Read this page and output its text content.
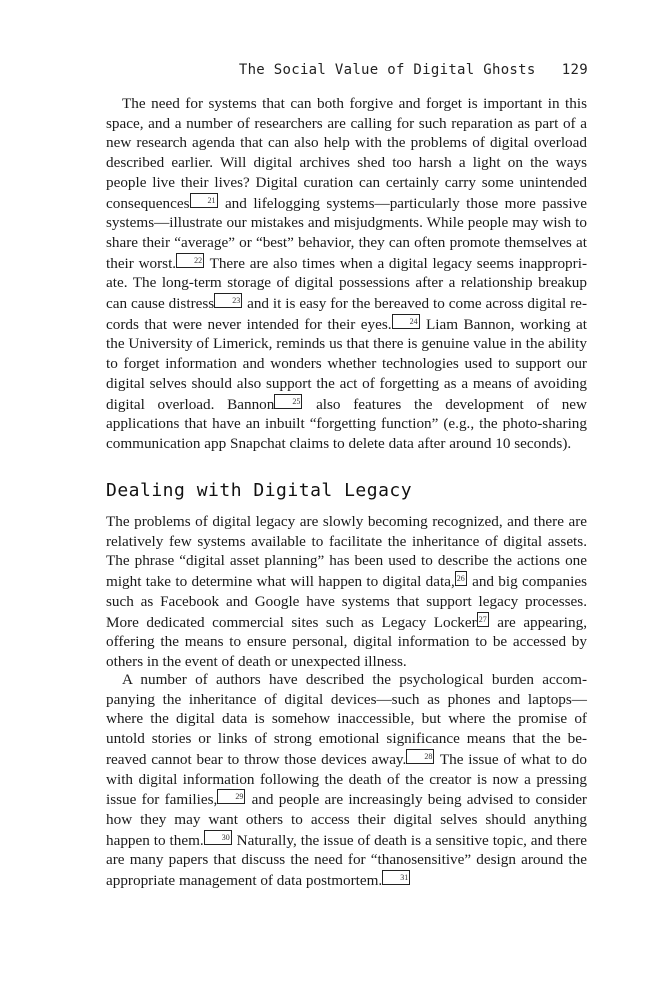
The Social Value of Digital Ghosts   129

The need for systems that can both forgive and forget is important in this space, and a number of researchers are calling for such reparation as part of a new research agenda that can also help with the problems of digital overload described earlier. Will digital archives shed too harsh a light on the ways people live their lives? Digital curation can certainly carry some unintended consequences 21 and lifelogging systems—particularly those more passive systems—illustrate our mistakes and misjudgments. While people may wish to share their “average” or “best” behavior, they can often promote themselves at their worst. 22 There are also times when a digital legacy seems inappropriate. The long-term storage of digital possessions after a relationship breakup can cause distress 23 and it is easy for the bereaved to come across digital records that were never intended for their eyes. 24 Liam Bannon, working at the University of Limerick, reminds us that there is genuine value in the ability to forget information and wonders whether technologies used to support our digital selves should also support the act of forgetting as a means of avoiding digital overload. Bannon 25 also features the development of new applications that have an inbuilt “forgetting function” (e.g., the photo-sharing communication app Snapchat claims to delete data after around 10 seconds).

Dealing with Digital Legacy

The problems of digital legacy are slowly becoming recognized, and there are relatively few systems available to facilitate the inheritance of digital assets. The phrase “digital asset planning” has been used to describe the actions one might take to determine what will happen to digital data, 26 and big companies such as Facebook and Google have systems that support legacy processes. More dedicated commercial sites such as Legacy Locker 27 are appearing, offering the means to ensure personal, digital information to be accessed by others in the event of death or unexpected illness.

A number of authors have described the psychological burden accompanying the inheritance of digital devices—such as phones and laptops—where the digital data is somehow inaccessible, but where the promise of untold stories or links of strong emotional significance means that the bereaved cannot bear to throw those devices away. 28 The issue of what to do with digital information following the death of the creator is now a pressing issue for families, 29 and people are increasingly being advised to consider how they may want others to access their digital selves should anything happen to them. 30 Naturally, the issue of death is a sensitive topic, and there are many papers that discuss the need for “thanosensitive” design around the appropriate management of data postmortem. 31
